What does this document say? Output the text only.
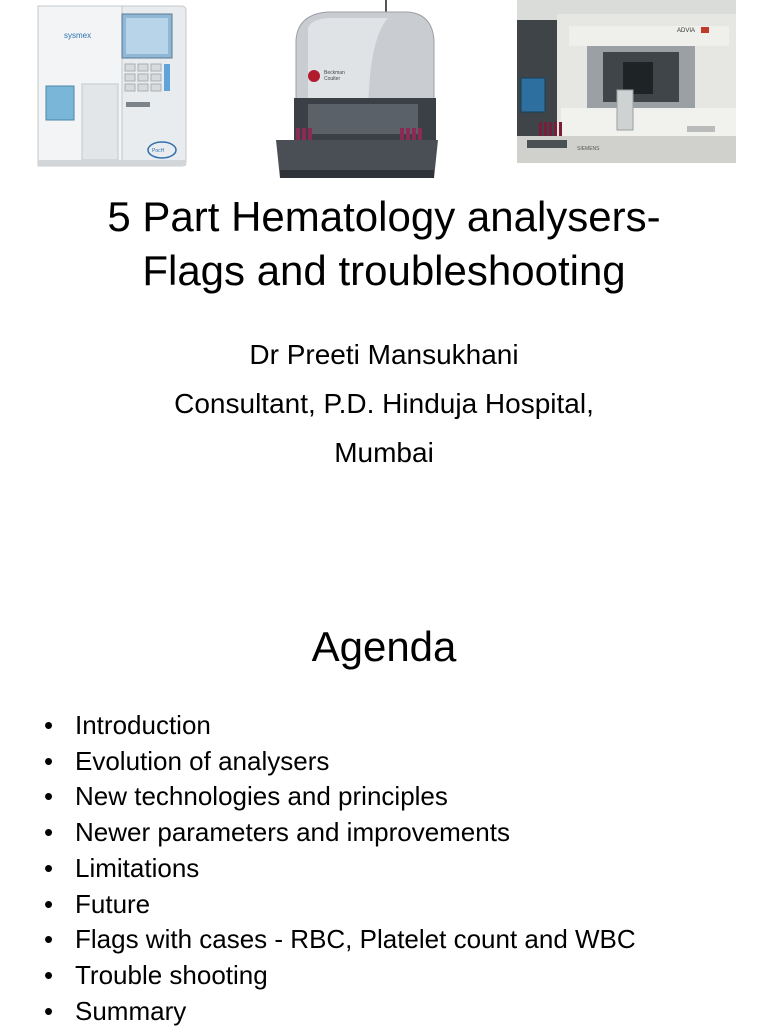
sysmex
PocH
Beckman
Coulter
ADVIA
SIEMENS
5 Part Hematology analysers-
Flags and troubleshooting
Dr Preeti Mansukhani
Consultant, P.D. Hinduja Hospital,
Mumbai
Agenda
• Introduction
• Evolution of analysers
• New technologies and principles
• Newer parameters and improvements
• Limitations
• Future
• Flags with cases - RBC, Platelet count and WBC
• Trouble shooting
• Summary
